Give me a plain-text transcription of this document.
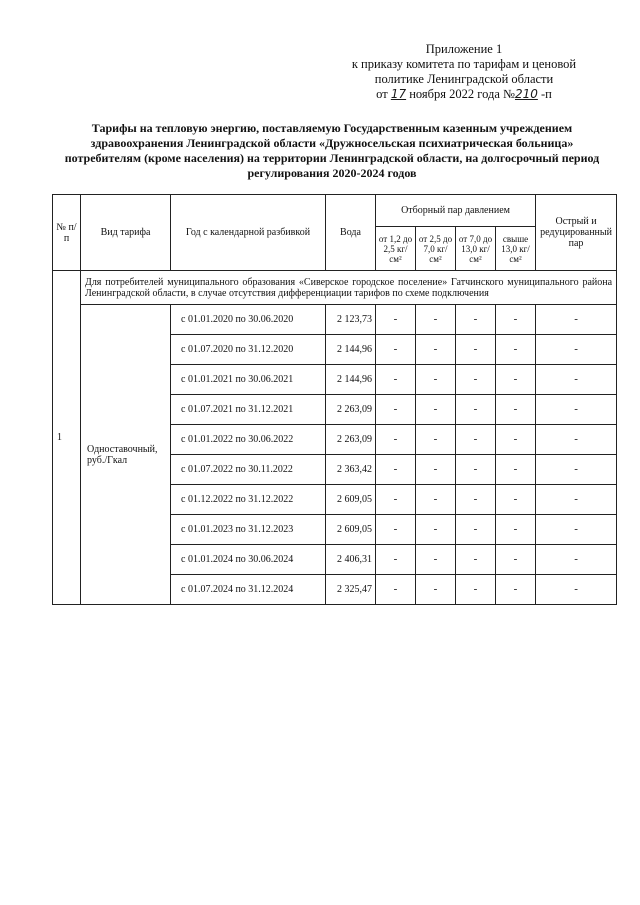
Приложение 1
к приказу комитета по тарифам и ценовой
политике Ленинградской области
от 17 ноября 2022 года №210 -п
Тарифы на тепловую энергию, поставляемую Государственным казенным учреждением здравоохранения Ленинградской области «Дружносельская психиатрическая больница» потребителям (кроме населения) на территории Ленинградской области, на долгосрочный период регулирования 2020-2024 годов
№ п/п	Вид тарифа	Год с календарной разбивкой	Вода	Отборный пар давлением				Острый и редуцированный пар
				от 1,2 до 2,5 кг/см²	от 2,5 до 7,0 кг/см²	от 7,0 до 13,0 кг/см²	свыше 13,0 кг/см²	
1	Для потребителей муниципального образования «Сиверское городское поселение» Гатчинского муниципального района Ленинградской области, в случае отсутствия дифференциации тарифов по схеме подключения							
	Одноставочный, руб./Гкал	с 01.01.2020 по 30.06.2020	2 123,73	-	-	-	-	-
		с 01.07.2020 по 31.12.2020	2 144,96	-	-	-	-	-
		с 01.01.2021 по 30.06.2021	2 144,96	-	-	-	-	-
		с 01.07.2021 по 31.12.2021	2 263,09	-	-	-	-	-
		с 01.01.2022 по 30.06.2022	2 263,09	-	-	-	-	-
		с 01.07.2022 по 30.11.2022	2 363,42	-	-	-	-	-
		с 01.12.2022 по 31.12.2022	2 609,05	-	-	-	-	-
		с 01.01.2023 по 31.12.2023	2 609,05	-	-	-	-	-
		с 01.01.2024 по 30.06.2024	2 406,31	-	-	-	-	-
		с 01.07.2024 по 31.12.2024	2 325,47	-	-	-	-	-
